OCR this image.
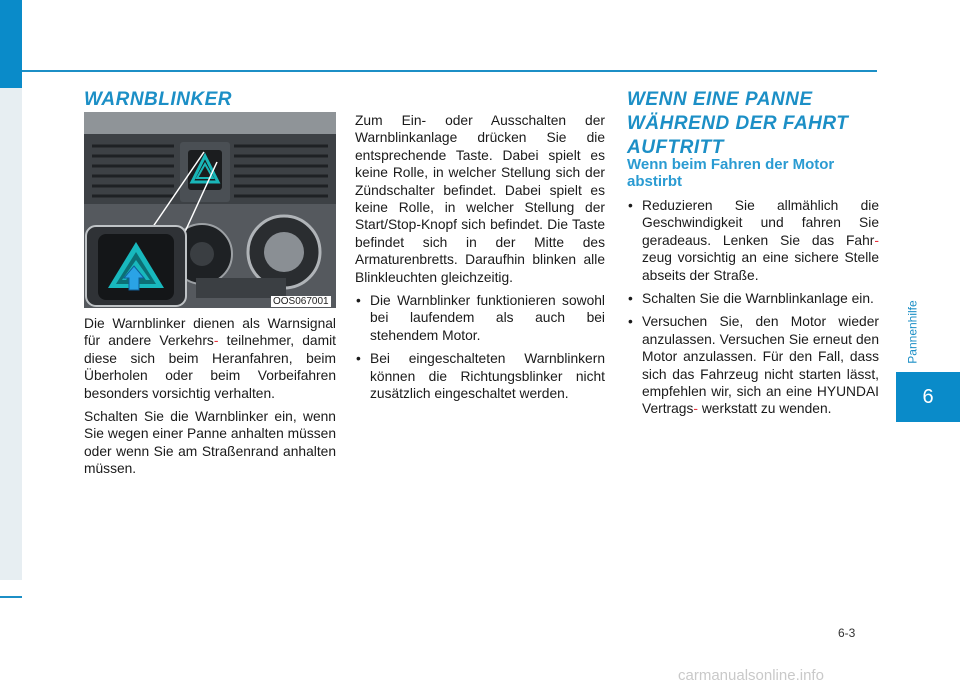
Pannenhilfe
6
WARNBLINKER
OOS067001

Die Warnblinker dienen als Warnsignal für andere Verkehrs- teilnehmer, damit diese sich beim Heranfahren, beim Überholen oder beim Vorbeifahren besonders vorsichtig verhalten.

Schalten Sie die Warnblinker ein, wenn Sie wegen einer Panne anhalten müssen oder wenn Sie am Straßenrand anhalten müssen.

Zum Ein- oder Ausschalten der Warnblinkanlage drücken Sie die entsprechende Taste. Dabei spielt es keine Rolle, in welcher Stellung sich der Zündschalter befindet. Dabei spielt es keine Rolle, in welcher Stellung der Start/Stop-Knopf sich befindet. Die Taste befindet sich in der Mitte des Armaturenbretts. Daraufhin blinken alle Blinkleuchten gleichzeitig.

• Die Warnblinker funktionieren sowohl bei laufendem als auch bei stehendem Motor.
• Bei eingeschalteten Warnblinkern können die Richtungsblinker nicht zusätzlich eingeschaltet werden.
WENN EINE PANNE
WÄHREND DER FAHRT
AUFTRITT
Wenn beim Fahren der Motor
abstirbt
• Reduzieren Sie allmählich die Geschwindigkeit und fahren Sie geradeaus. Lenken Sie das Fahr- zeug vorsichtig an eine sichere Stelle abseits der Straße.
• Schalten Sie die Warnblinkanlage ein.
• Versuchen Sie, den Motor wieder anzulassen. Versuchen Sie erneut den Motor anzulassen. Für den Fall, dass sich das Fahrzeug nicht starten lässt, empfehlen wir, sich an eine HYUNDAI Vertrags- werkstatt zu wenden.
6-3
carmanualsonline.info
